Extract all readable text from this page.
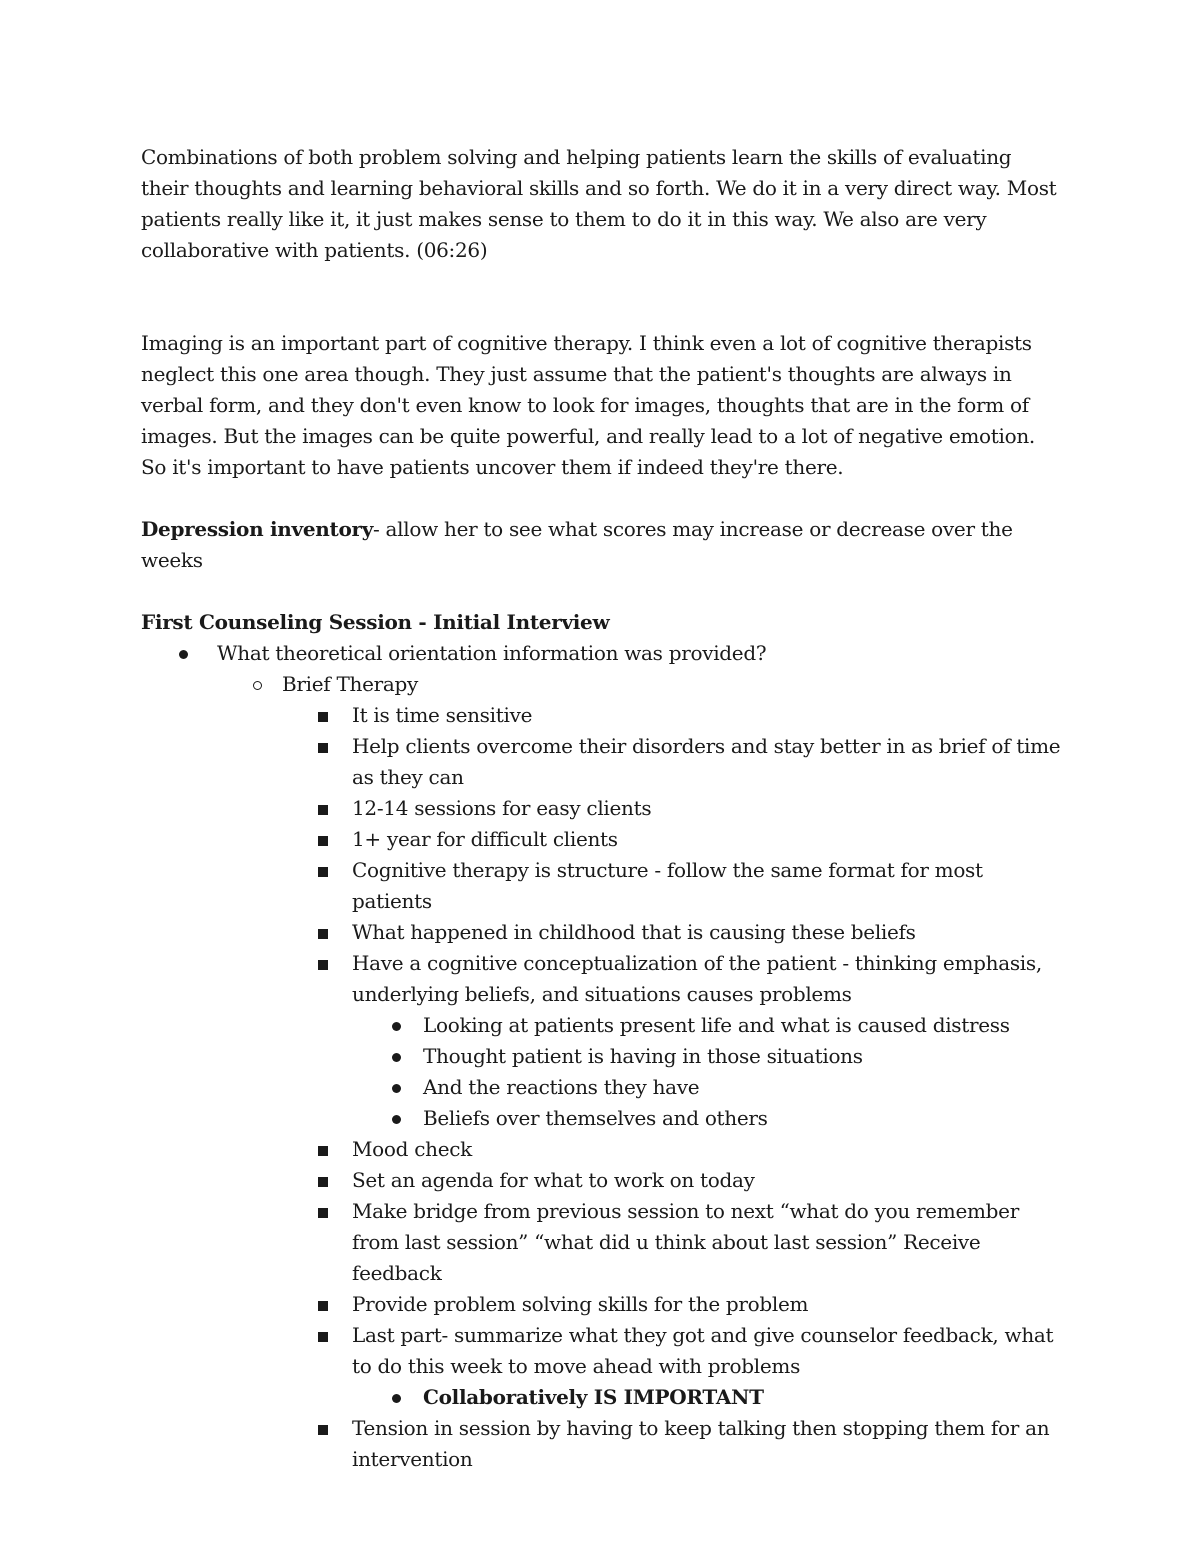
Combinations of both problem solving and helping patients learn the skills of evaluating their thoughts and learning behavioral skills and so forth. We do it in a very direct way. Most patients really like it, it just makes sense to them to do it in this way. We also are very collaborative with patients. (06:26)

Imaging is an important part of cognitive therapy. I think even a lot of cognitive therapists neglect this one area though. They just assume that the patient's thoughts are always in verbal form, and they don't even know to look for images, thoughts that are in the form of images. But the images can be quite powerful, and really lead to a lot of negative emotion. So it's important to have patients uncover them if indeed they're there.

Depression inventory- allow her to see what scores may increase or decrease over the weeks

First Counseling Session - Initial Interview

What theoretical orientation information was provided?
Brief Therapy
It is time sensitive
Help clients overcome their disorders and stay better in as brief of time as they can
12-14 sessions for easy clients
1+ year for difficult clients
Cognitive therapy is structure - follow the same format for most patients
What happened in childhood that is causing these beliefs
Have a cognitive conceptualization of the patient - thinking emphasis, underlying beliefs, and situations causes problems
Looking at patients present life and what is caused distress
Thought patient is having in those situations
And the reactions they have
Beliefs over themselves and others
Mood check
Set an agenda for what to work on today
Make bridge from previous session to next “what do you remember from last session” “what did u think about last session” Receive feedback
Provide problem solving skills for the problem
Last part- summarize what they got and give counselor feedback, what to do this week to move ahead with problems
Collaboratively IS IMPORTANT
Tension in session by having to keep talking then stopping them for an intervention
